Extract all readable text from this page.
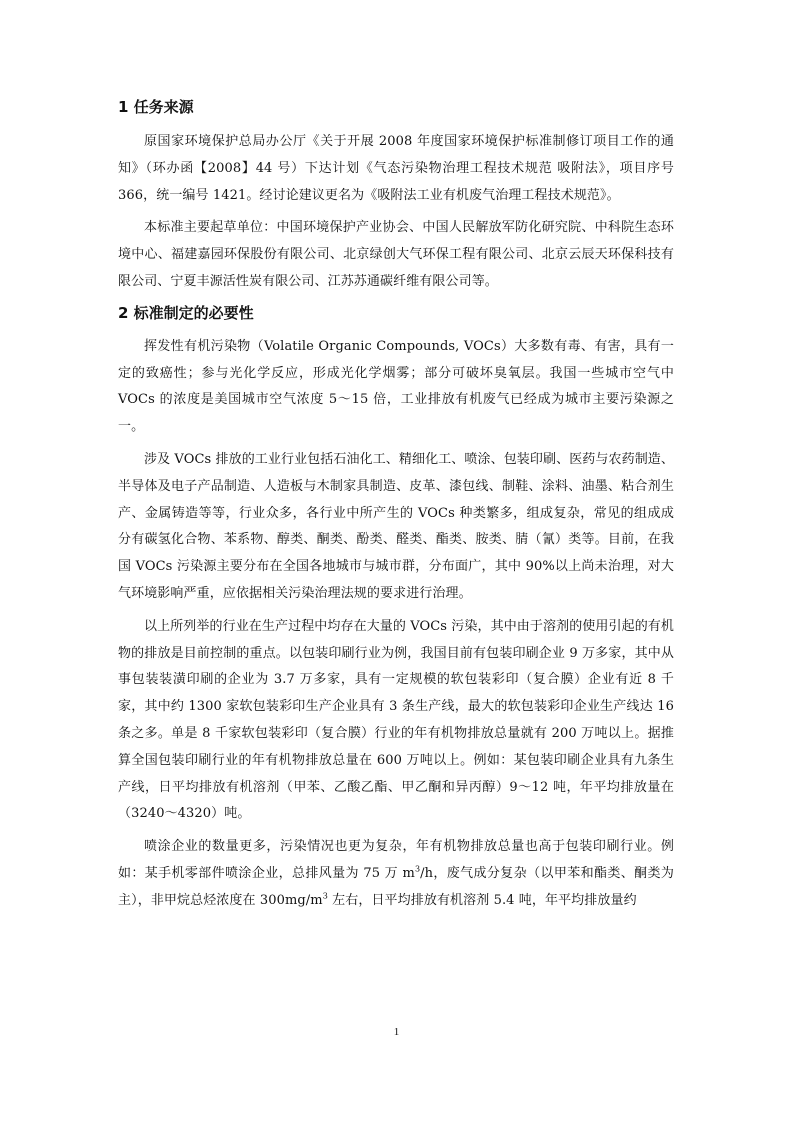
1 任务来源

原国家环境保护总局办公厅《关于开展 2008 年度国家环境保护标准制修订项目工作的通知》（环办函【2008】44 号）下达计划《气态污染物治理工程技术规范 吸附法》，项目序号 366，统一编号 1421。经讨论建议更名为《吸附法工业有机废气治理工程技术规范》。

本标准主要起草单位：中国环境保护产业协会、中国人民解放军防化研究院、中科院生态环境中心、福建嘉园环保股份有限公司、北京绿创大气环保工程有限公司、北京云辰天环保科技有限公司、宁夏丰源活性炭有限公司、江苏苏通碳纤维有限公司等。

2 标准制定的必要性

挥发性有机污染物（Volatile Organic Compounds, VOCs）大多数有毒、有害，具有一定的致癌性；参与光化学反应，形成光化学烟雾；部分可破坏臭氧层。我国一些城市空气中 VOCs 的浓度是美国城市空气浓度 5～15 倍，工业排放有机废气已经成为城市主要污染源之一。

涉及 VOCs 排放的工业行业包括石油化工、精细化工、喷涂、包装印刷、医药与农药制造、半导体及电子产品制造、人造板与木制家具制造、皮革、漆包线、制鞋、涂料、油墨、粘合剂生产、金属铸造等等，行业众多，各行业中所产生的 VOCs 种类繁多，组成复杂，常见的组成成分有碳氢化合物、苯系物、醇类、酮类、酚类、醛类、酯类、胺类、腈（氰）类等。目前，在我国 VOCs 污染源主要分布在全国各地城市与城市群，分布面广，其中 90%以上尚未治理，对大气环境影响严重，应依据相关污染治理法规的要求进行治理。

以上所列举的行业在生产过程中均存在大量的 VOCs 污染，其中由于溶剂的使用引起的有机物的排放是目前控制的重点。以包装印刷行业为例，我国目前有包装印刷企业 9 万多家，其中从事包装装潢印刷的企业为 3.7 万多家，具有一定规模的软包装彩印（复合膜）企业有近 8 千家，其中约 1300 家软包装彩印生产企业具有 3 条生产线，最大的软包装彩印企业生产线达 16 条之多。单是 8 千家软包装彩印（复合膜）行业的年有机物排放总量就有 200 万吨以上。据推算全国包装印刷行业的年有机物排放总量在 600 万吨以上。例如：某包装印刷企业具有九条生产线，日平均排放有机溶剂（甲苯、乙酸乙酯、甲乙酮和异丙醇）9～12 吨，年平均排放量在（3240～4320）吨。

喷涂企业的数量更多，污染情况也更为复杂，年有机物排放总量也高于包装印刷行业。例如：某手机零部件喷涂企业，总排风量为 75 万 $m^3/h$，废气成分复杂（以甲苯和酯类、酮类为主），非甲烷总烃浓度在 $300mg/m^3$ 左右，日平均排放有机溶剂 5.4 吨，年平均排放量约

1
